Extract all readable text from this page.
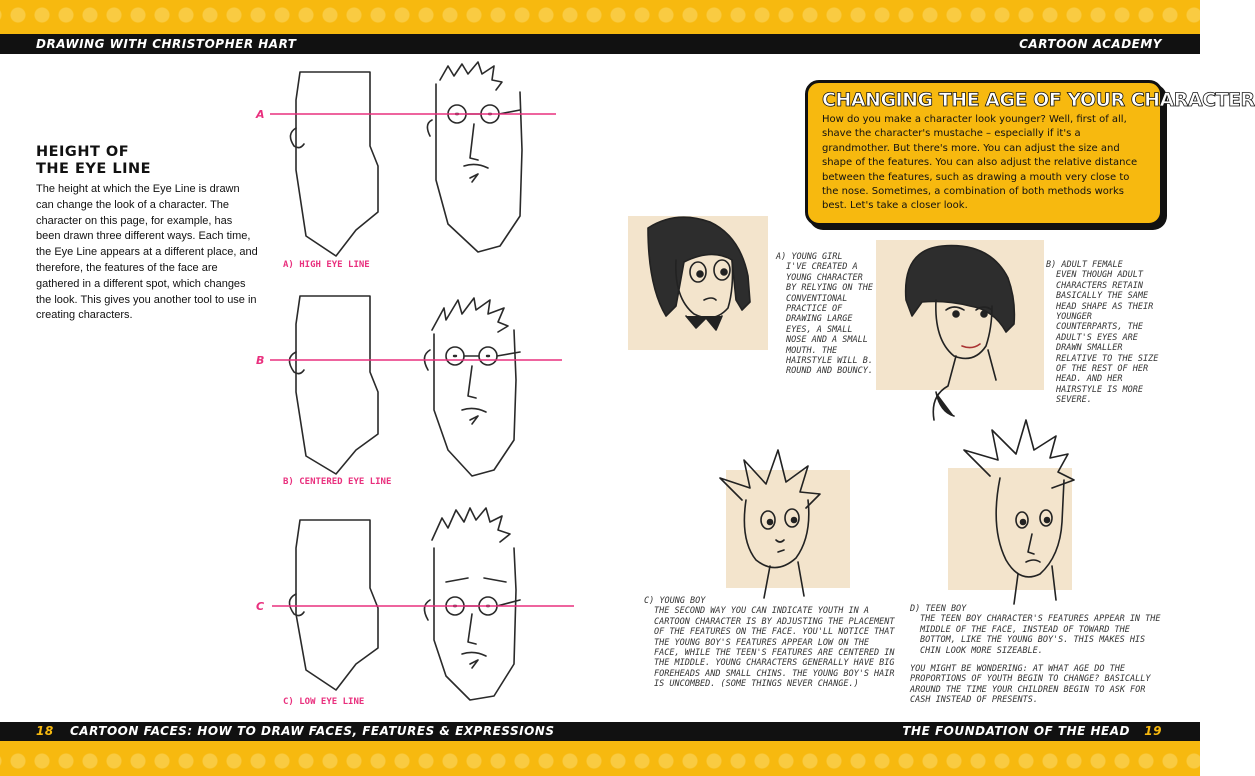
DRAWING WITH CHRISTOPHER HART	CARTOON ACADEMY
HEIGHT OF
THE EYE LINE
The height at which the Eye Line is drawn can change the look of a character. The character on this page, for example, has been drawn three different ways. Each time, the Eye Line appears at a different place, and therefore, the features of the face are gathered in a different spot, which changes the look. This gives you another tool to use in creating characters.
A
B
C
A) HIGH EYE LINE
B) CENTERED EYE LINE
C) LOW EYE LINE
CHANGING THE AGE OF YOUR CHARACTER
How do you make a character look younger? Well, first of all, shave the character's mustache – especially if it's a grandmother. But there's more. You can adjust the size and shape of the features. You can also adjust the relative distance between the features, such as drawing a mouth very close to the nose. Sometimes, a combination of both methods works best. Let's take a closer look.
A) YOUNG GIRL
I'VE CREATED A YOUNG CHARACTER BY RELYING ON THE CONVENTIONAL PRACTICE OF DRAWING LARGE EYES, A SMALL NOSE AND A SMALL MOUTH. THE HAIRSTYLE WILL B. ROUND AND BOUNCY.
B) ADULT FEMALE
EVEN THOUGH ADULT CHARACTERS RETAIN BASICALLY THE SAME HEAD SHAPE AS THEIR YOUNGER COUNTERPARTS, THE ADULT'S EYES ARE DRAWN SMALLER RELATIVE TO THE SIZE OF THE REST OF HER HEAD. AND HER HAIRSTYLE IS MORE SEVERE.
C) YOUNG BOY
THE SECOND WAY YOU CAN INDICATE YOUTH IN A CARTOON CHARACTER IS BY ADJUSTING THE PLACEMENT OF THE FEATURES ON THE FACE. YOU'LL NOTICE THAT THE YOUNG BOY'S FEATURES APPEAR LOW ON THE FACE, WHILE THE TEEN'S FEATURES ARE CENTERED IN THE MIDDLE. YOUNG CHARACTERS GENERALLY HAVE BIG FOREHEADS AND SMALL CHINS. THE YOUNG BOY'S HAIR IS UNCOMBED. (SOME THINGS NEVER CHANGE.)
D) TEEN BOY
THE TEEN BOY CHARACTER'S FEATURES APPEAR IN THE MIDDLE OF THE FACE, INSTEAD OF TOWARD THE BOTTOM, LIKE THE YOUNG BOY'S. THIS MAKES HIS CHIN LOOK MORE SIZEABLE.
YOU MIGHT BE WONDERING: AT WHAT AGE DO THE PROPORTIONS OF YOUTH BEGIN TO CHANGE? BASICALLY AROUND THE TIME YOUR CHILDREN BEGIN TO ASK FOR CASH INSTEAD OF PRESENTS.
18 CARTOON FACES: HOW TO DRAW FACES, FEATURES & EXPRESSIONS	THE FOUNDATION OF THE HEAD 19
